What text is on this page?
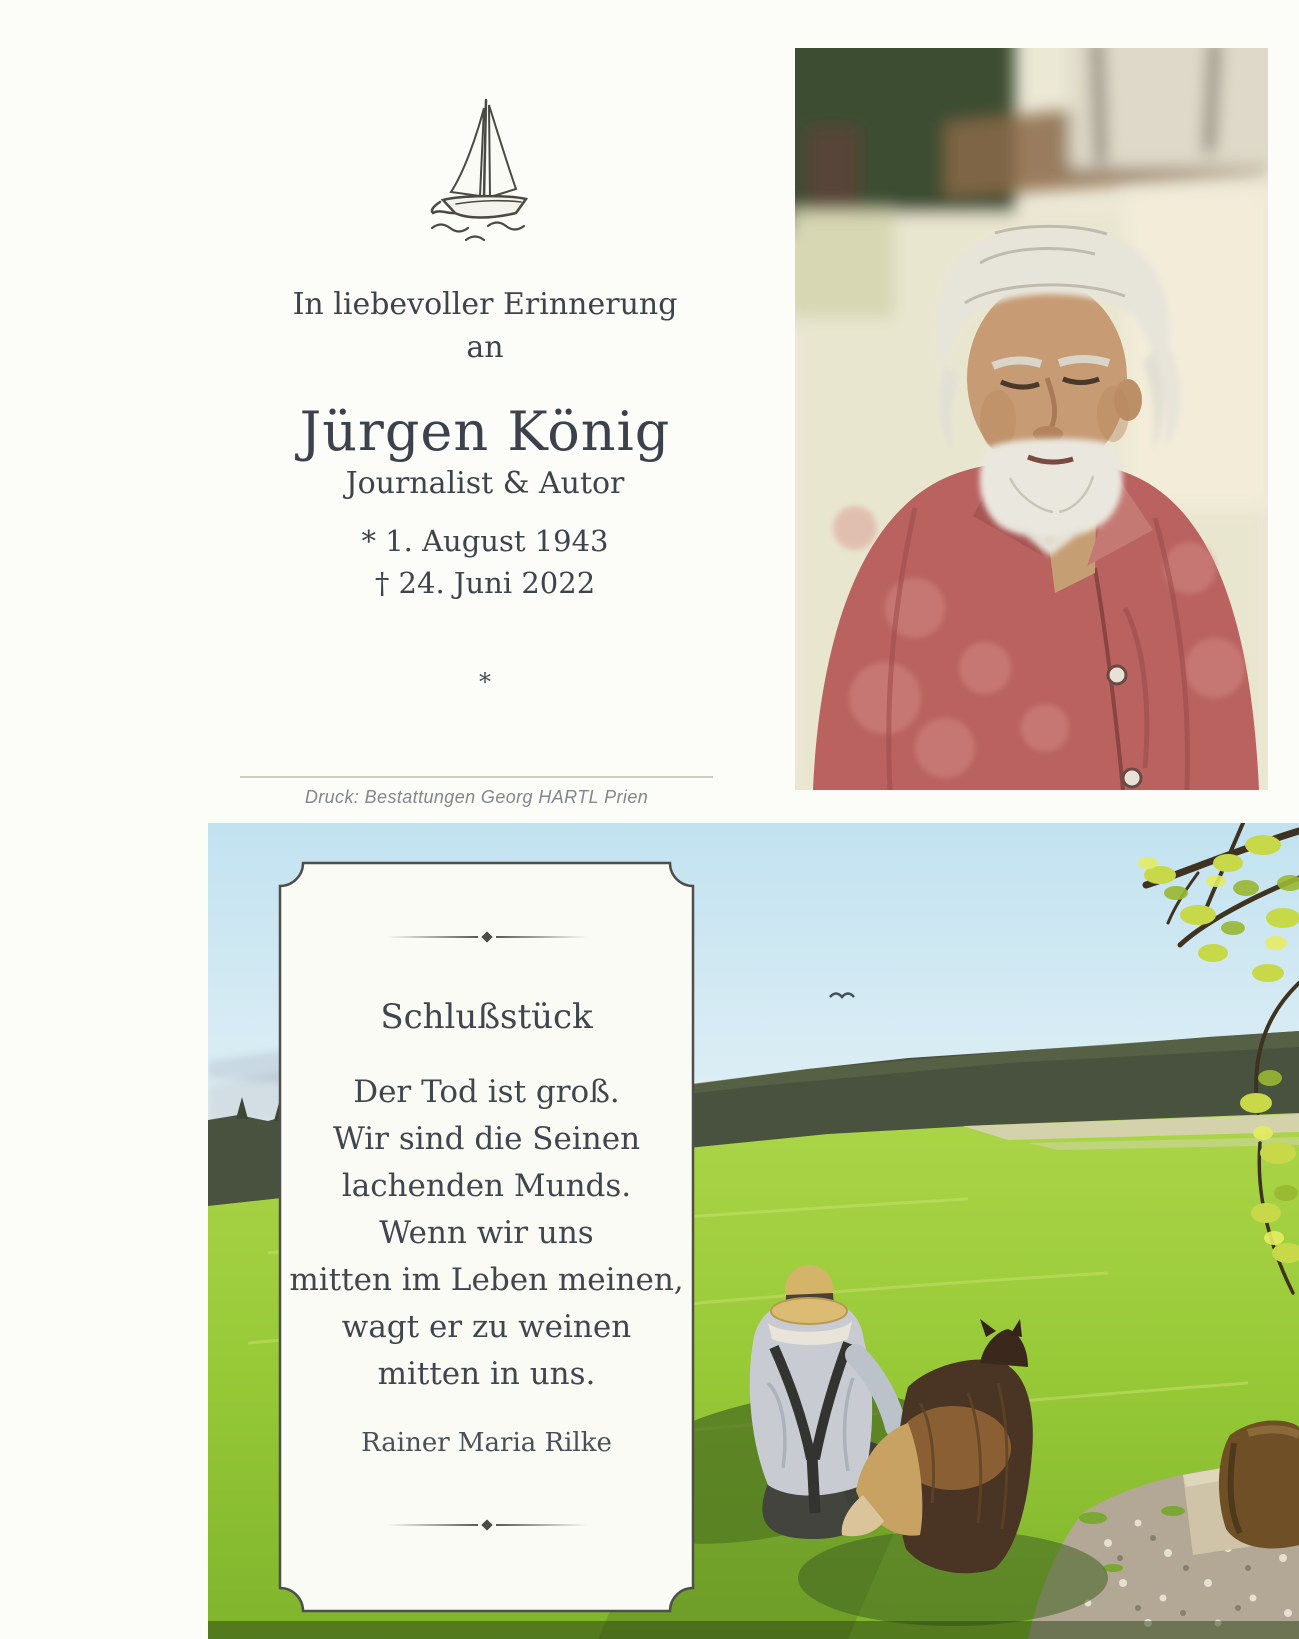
In liebevoller Erinnerung
an
Jürgen König
Journalist & Autor
* 1. August 1943
† 24. Juni 2022
*
Druck: Bestattungen Georg HARTL Prien
Schlußstück
Der Tod ist groß.
Wir sind die Seinen
lachenden Munds.
Wenn wir uns
mitten im Leben meinen,
wagt er zu weinen
mitten in uns.
Rainer Maria Rilke
